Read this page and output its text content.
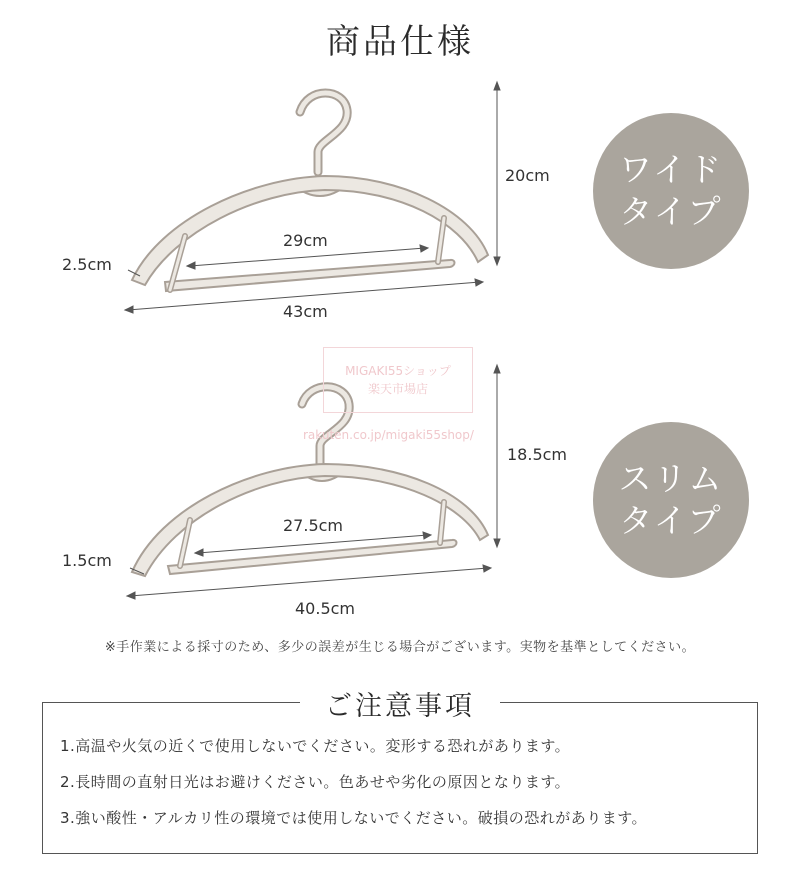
商品仕様
20cm
2.5cm
29cm
43cm
ワイド
タイプ
MIGAKI55ショップ
楽天市場店
rakuten.co.jp/migaki55shop/
18.5cm
1.5cm
27.5cm
40.5cm
スリム
タイプ
※手作業による採寸のため、多少の誤差が生じる場合がございます。実物を基準としてください。
ご注意事項
1.高温や火気の近くで使用しないでください。変形する恐れがあります。
2.長時間の直射日光はお避けください。色あせや劣化の原因となります。
3.強い酸性・アルカリ性の環境では使用しないでください。破損の恐れがあります。
